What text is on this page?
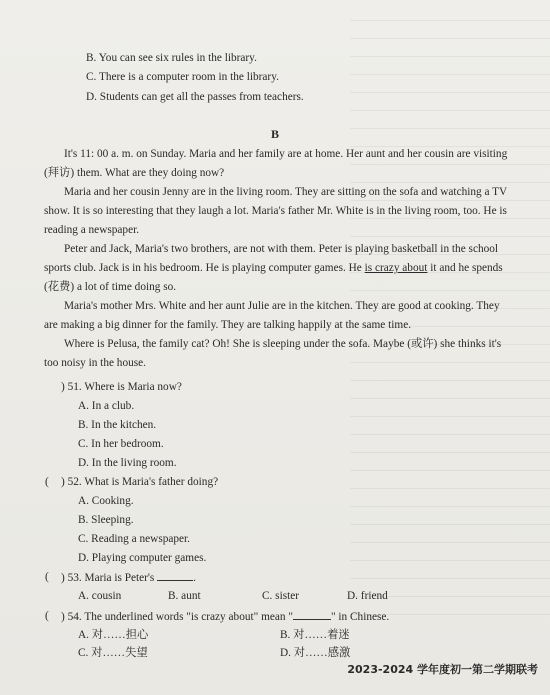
B. You can see six rules in the library.
C. There is a computer room in the library.
D. Students can get all the passes from teachers.
B
It's 11: 00 a. m. on Sunday. Maria and her family are at home. Her aunt and her cousin are visiting (拜访) them. What are they doing now?
Maria and her cousin Jenny are in the living room. They are sitting on the sofa and watching a TV show. It is so interesting that they laugh a lot. Maria's father Mr. White is in the living room, too. He is reading a newspaper.
Peter and Jack, Maria's two brothers, are not with them. Peter is playing basketball in the school sports club. Jack is in his bedroom. He is playing computer games. He is crazy about it and he spends (花费) a lot of time doing so.
Maria's mother Mrs. White and her aunt Julie are in the kitchen. They are good at cooking. They are making a big dinner for the family. They are talking happily at the same time.
Where is Pelusa, the family cat? Oh! She is sleeping under the sofa. Maybe (或许) she thinks it's too noisy in the house.
) 51. Where is Maria now?
A. In a club.
B. In the kitchen.
C. In her bedroom.
D. In the living room.
( ) 52. What is Maria's father doing?
A. Cooking.
B. Sleeping.
C. Reading a newspaper.
D. Playing computer games.
( ) 53. Maria is Peter's	.
A. cousin	B. aunt	C. sister	D. friend
( ) 54. The underlined words "is crazy about" mean "	" in Chinese.
A. 对……担心	B. 对……着迷
C. 对……失望	D. 对……感激
2023-2024 学年度初一第二学期联考
